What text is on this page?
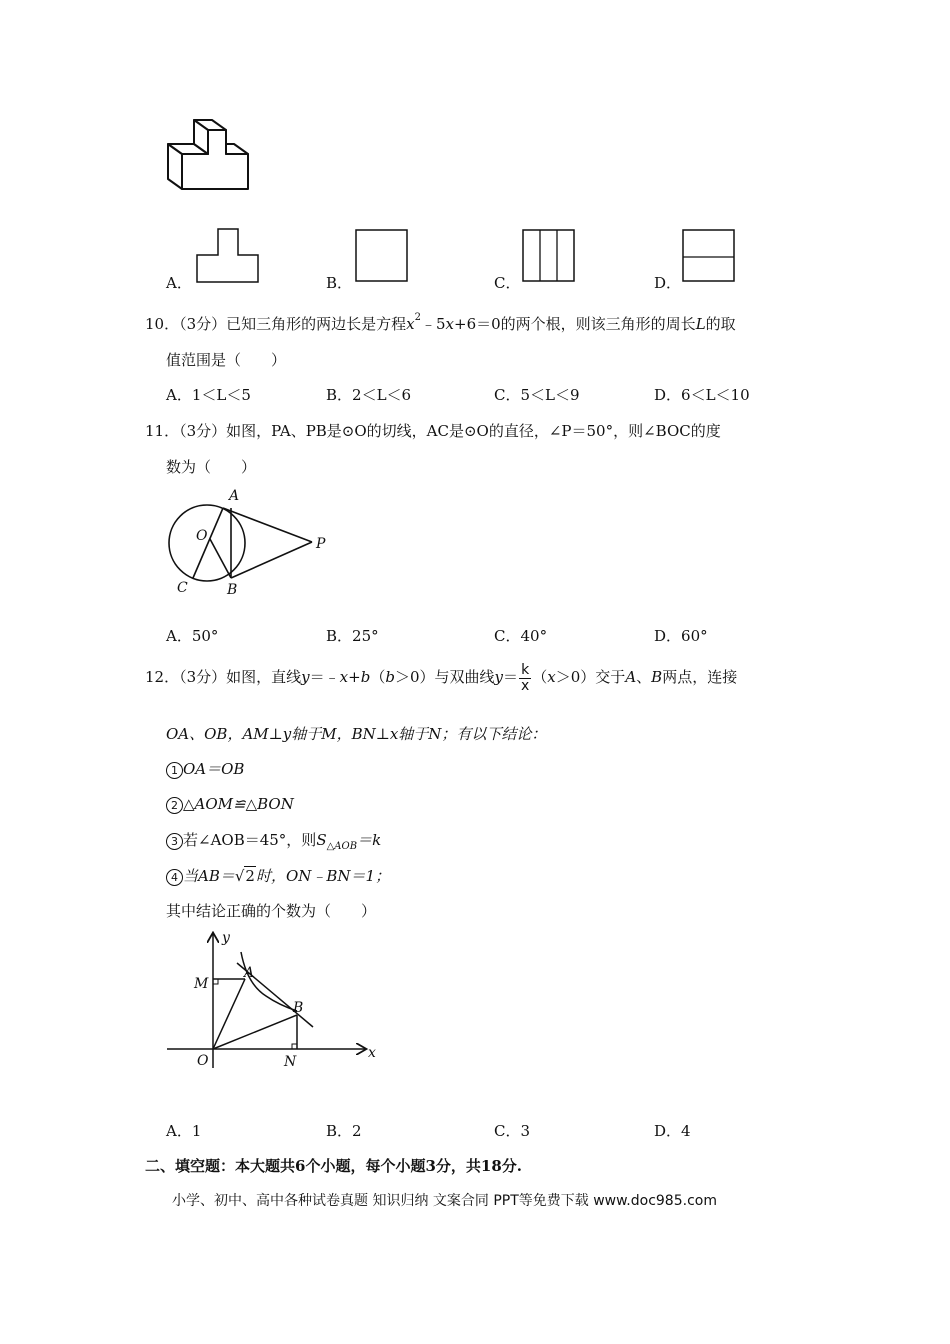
A．	B．	C．	D．
10．（3分）已知三角形的两边长是方程$x^2﹣5x+6=0$的两个根，则该三角形的周长L的取
值范围是（　　）
A．1＜L＜5	B．2＜L＜6	C．5＜L＜9	D．6＜L＜10
11．（3分）如图，PA、PB是⊙O的切线，AC是⊙O的直径，∠P＝50°，则∠BOC的度
数为（　　）
A
O	P
C	B
A．50°	B．25°	C．40°	D．60°
12．（3分）如图，直线y＝﹣x+b（b＞0）与双曲线$y= \frac{k}{x} (x>0)$交于A、B两点，连接
OA、OB，AM⊥y轴于M，BN⊥x轴于N；有以下结论：
1 OA＝OB
2 △AOM≌△BON
3 若∠AOB＝45°，则$S_{\triangle AOB}=k$
4 当AB＝√2时，ON﹣BN＝1；
其中结论正确的个数为（　　）
y
x
M
A
B
O	N
A．1	B．2	C．3	D．4
二、填空题：本大题共6个小题，每个小题3分，共18分.
小学、初中、高中各种试卷真题 知识归纳 文案合同 PPT等免费下载 www.doc985.com
